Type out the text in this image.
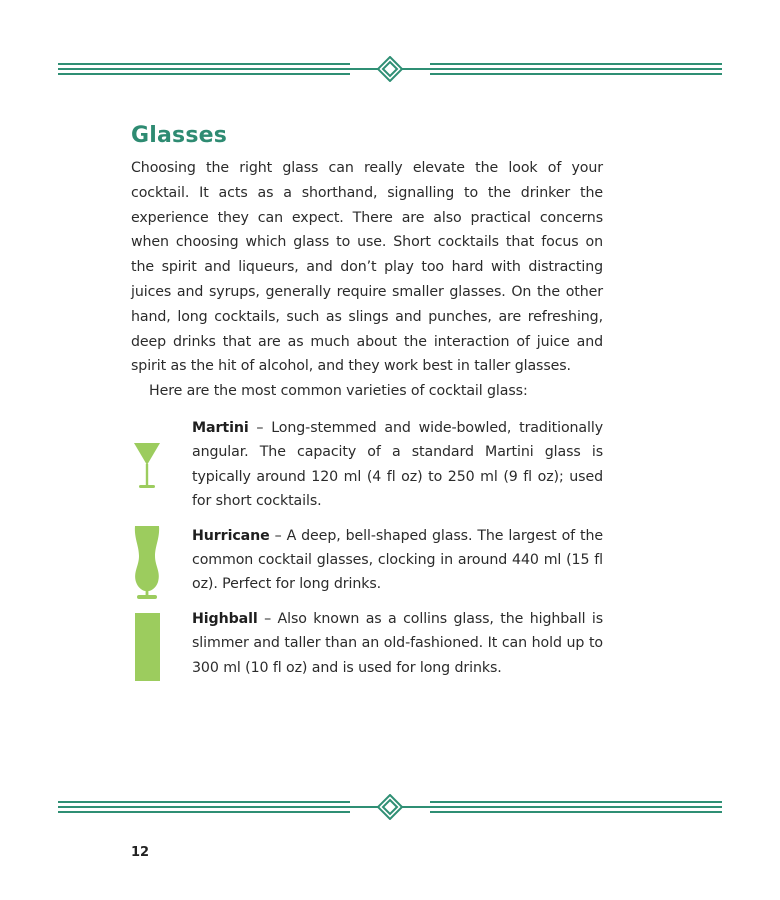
Glasses

Choosing the right glass can really elevate the look of your cocktail. It acts as a shorthand, signalling to the drinker the experience they can expect. There are also practical concerns when choosing which glass to use. Short cocktails that focus on the spirit and liqueurs, and don’t play too hard with distracting juices and syrups, generally require smaller glasses. On the other hand, long cocktails, such as slings and punches, are refreshing, deep drinks that are as much about the interaction of juice and spirit as the hit of alcohol, and they work best in taller glasses.

Here are the most common varieties of cocktail glass:

Martini – Long-stemmed and wide-bowled, traditionally angular. The capacity of a standard Martini glass is typically around 120 ml (4 fl oz) to 250 ml (9 fl oz); used for short cocktails.
Hurricane – A deep, bell-shaped glass. The largest of the common cocktail glasses, clocking in around 440 ml (15 fl oz). Perfect for long drinks.
Highball – Also known as a collins glass, the highball is slimmer and taller than an old-fashioned. It can hold up to 300 ml (10 fl oz) and is used for long drinks.
12
